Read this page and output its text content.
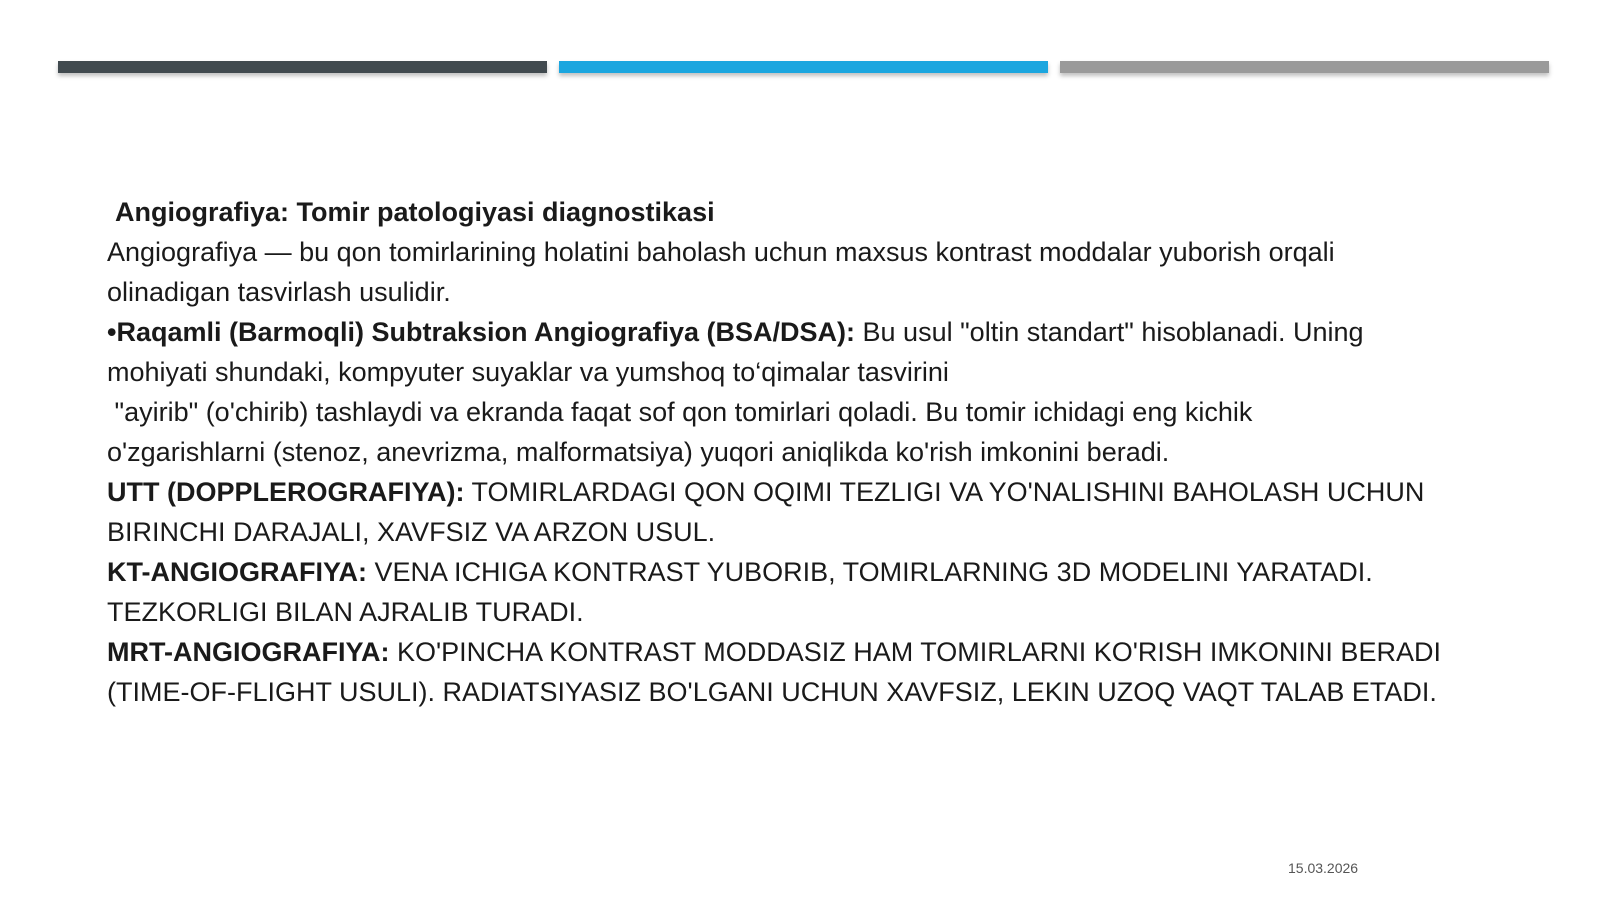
Angiografiya: Tomir patologiyasi diagnostikasi
Angiografiya — bu qon tomirlarining holatini baholash uchun maxsus kontrast moddalar yuborish orqali
olinadigan tasvirlash usulidir.
•Raqamli (Barmoqli) Subtraksion Angiografiya (BSA/DSA): Bu usul "oltin standart" hisoblanadi. Uning
mohiyati shundaki, kompyuter suyaklar va yumshoq to‘qimalar tasvirini
"ayirib" (o'chirib) tashlaydi va ekranda faqat sof qon tomirlari qoladi. Bu tomir ichidagi eng kichik
o'zgarishlarni (stenoz, anevrizma, malformatsiya) yuqori aniqlikda ko'rish imkonini beradi.
UTT (DOPPLEROGRAFIYA): TOMIRLARDAGI QON OQIMI TEZLIGI VA YO'NALISHINI BAHOLASH UCHUN
BIRINCHI DARAJALI, XAVFSIZ VA ARZON USUL.
KT-ANGIOGRAFIYA: VENA ICHIGA KONTRAST YUBORIB, TOMIRLARNING 3D MODELINI YARATADI.
TEZKORLIGI BILAN AJRALIB TURADI.
MRT-ANGIOGRAFIYA: KO'PINCHA KONTRAST MODDASIZ HAM TOMIRLARNI KO'RISH IMKONINI BERADI
(TIME-OF-FLIGHT USULI). RADIATSIYASIZ BO'LGANI UCHUN XAVFSIZ, LEKIN UZOQ VAQT TALAB ETADI.
15.03.2026
